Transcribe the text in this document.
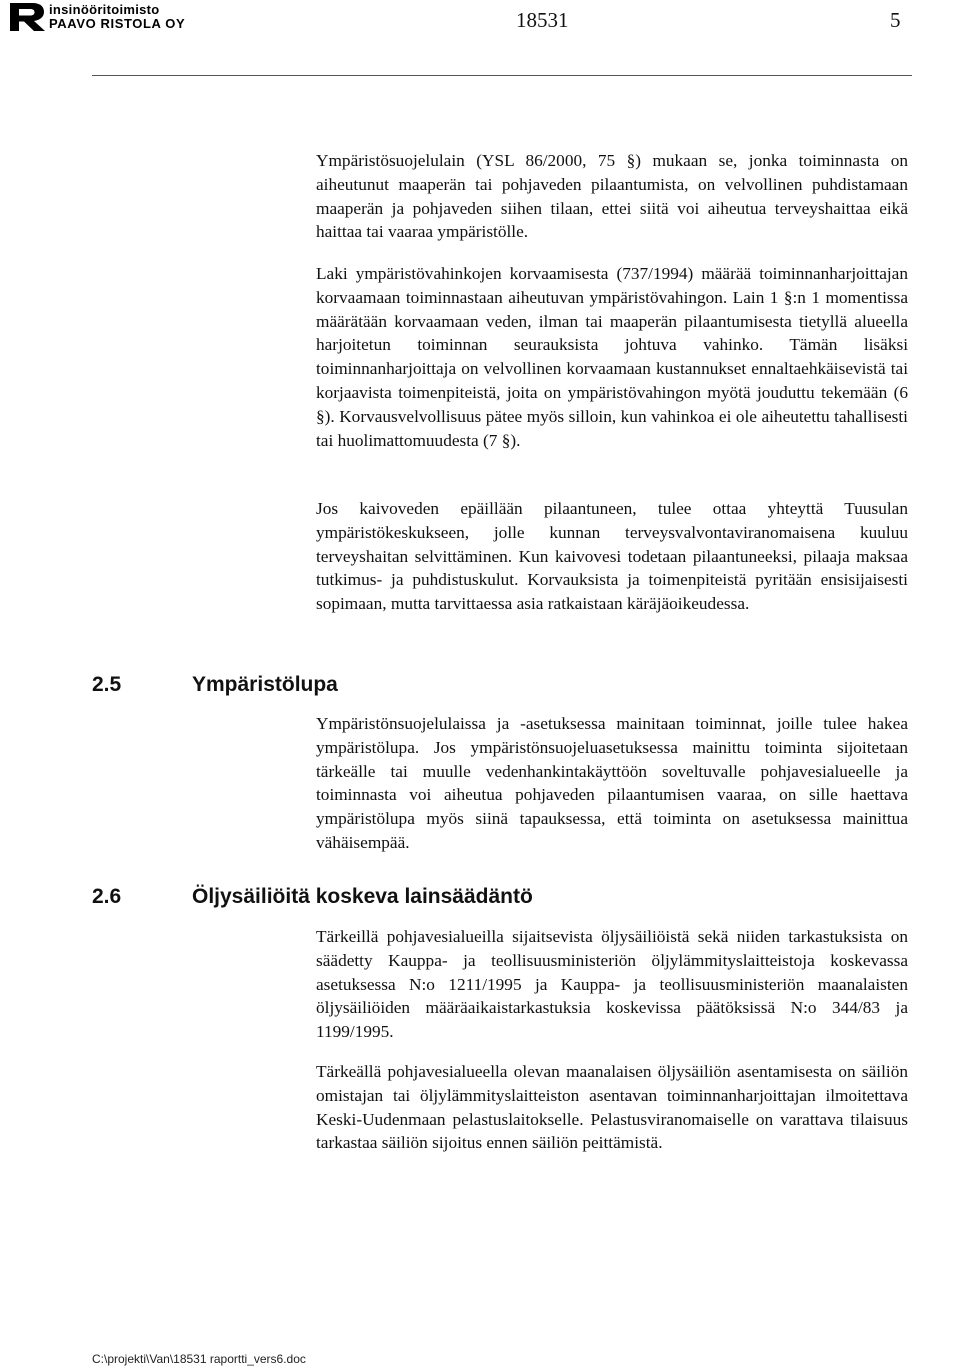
insinööritoimisto
PAAVO RISTOLA OY	18531	5

Ympäristösuojelulain (YSL 86/2000, 75 §) mukaan se, jonka toiminnasta on aiheutunut maaperän tai pohjaveden pilaantumista, on velvollinen puhdistamaan maaperän ja pohjaveden siihen tilaan, ettei siitä voi aiheutua terveyshaittaa eikä haittaa tai vaaraa ympäristölle.

Laki ympäristövahinkojen korvaamisesta (737/1994) määrää toiminnanharjoittajan korvaamaan toiminnastaan aiheutuvan ympäristövahingon. Lain 1 §:n 1 momentissa määrätään korvaamaan veden, ilman tai maaperän pilaantumisesta tietyllä alueella harjoitetun toiminnan seurauksista johtuva vahinko. Tämän lisäksi toiminnanharjoittaja on velvollinen korvaamaan kustannukset ennaltaehkäisevistä tai korjaavista toimenpiteistä, joita on ympäristövahingon myötä jouduttu tekemään (6 §). Korvausvelvollisuus pätee myös silloin, kun vahinkoa ei ole aiheutettu tahallisesti tai huolimattomuudesta (7 §).

Jos kaivoveden epäillään pilaantuneen, tulee ottaa yhteyttä Tuusulan ympäristökeskukseen, jolle kunnan terveysvalvontaviranomaisena kuuluu terveyshaitan selvittäminen. Kun kaivovesi todetaan pilaantuneeksi, pilaaja maksaa tutkimus- ja puhdistuskulut. Korvauksista ja toimenpiteistä pyritään ensisijaisesti sopimaan, mutta tarvittaessa asia ratkaistaan käräjäoikeudessa.

2.5	Ympäristölupa

Ympäristönsuojelulaissa ja -asetuksessa mainitaan toiminnat, joille tulee hakea ympäristölupa. Jos ympäristönsuojeluasetuksessa mainittu toiminta sijoitetaan tärkeälle tai muulle vedenhankintakäyttöön soveltuvalle pohjavesialueelle ja toiminnasta voi aiheutua pohjaveden pilaantumisen vaaraa, on sille haettava ympäristölupa myös siinä tapauksessa, että toiminta on asetuksessa mainittua vähäisempää.

2.6	Öljysäiliöitä koskeva lainsäädäntö

Tärkeillä pohjavesialueilla sijaitsevista öljysäiliöistä sekä niiden tarkastuksista on säädetty Kauppa- ja teollisuusministeriön öljylämmityslaitteistoja koskevassa asetuksessa N:o 1211/1995 ja Kauppa- ja teollisuusministeriön maanalaisten öljysäiliöiden määräaikaistarkastuksia koskevissa päätöksissä N:o 344/83 ja 1199/1995.

Tärkeällä pohjavesialueella olevan maanalaisen öljysäiliön asentamisesta on säiliön omistajan tai öljylämmityslaitteiston asentavan toiminnanharjoittajan ilmoitettava Keski-Uudenmaan pelastuslaitokselle. Pelastusviranomaiselle on varattava tilaisuus tarkastaa säiliön sijoitus ennen säiliön peittämistä.

C:\projekti\Van\18531 raportti_vers6.doc
